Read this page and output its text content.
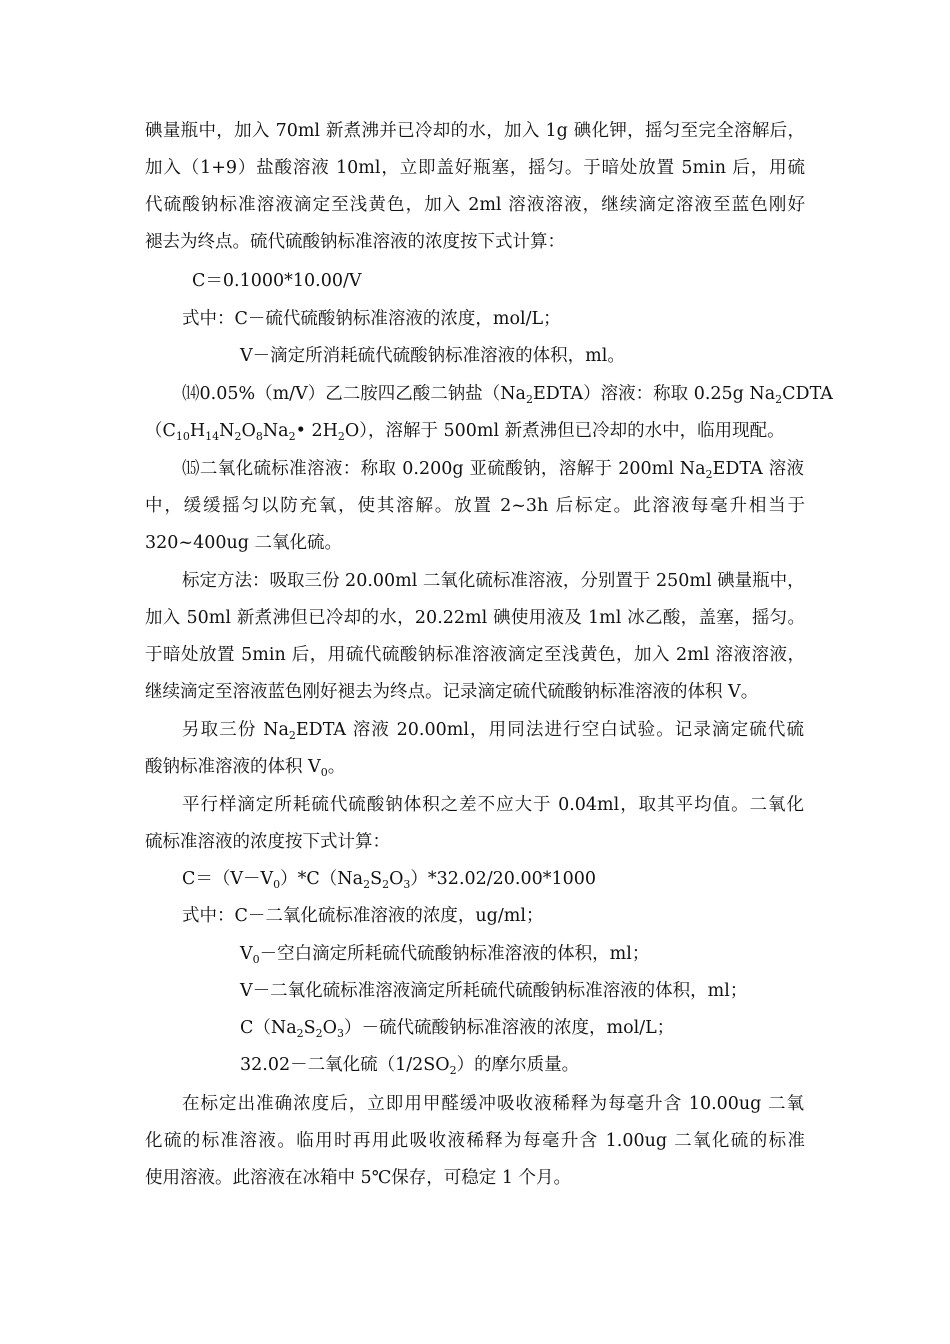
碘量瓶中，加入 70ml 新煮沸并已冷却的水，加入 1g 碘化钾，摇匀至完全溶解后，
加入（1+9）盐酸溶液 10ml，立即盖好瓶塞，摇匀。于暗处放置 5min 后，用硫
代硫酸钠标准溶液滴定至浅黄色，加入 2ml 溶液溶液，继续滴定溶液至蓝色刚好
褪去为终点。硫代硫酸钠标准溶液的浓度按下式计算：
C＝0.1000*10.00/V
式中：C－硫代硫酸钠标准溶液的浓度，mol/L；
V－滴定所消耗硫代硫酸钠标准溶液的体积，ml。
⒁0.05%（m/V）乙二胺四乙酸二钠盐$(Na_2EDTA)$溶液：称取 0.25g $Na_2CDTA$
（$C_{10}H_{14}N_2O_8Na_2•$ $2H_2O$），溶解于 500ml 新煮沸但已冷却的水中，临用现配。
⒂二氧化硫标准溶液：称取 0.200g 亚硫酸钠，溶解于 200ml $Na_2EDTA$ 溶液
中，缓缓摇匀以防充氧，使其溶解。放置 2~3h 后标定。此溶液每毫升相当于
320~400ug 二氧化硫。
标定方法：吸取三份 20.00ml 二氧化硫标准溶液，分别置于 250ml 碘量瓶中，
加入 50ml 新煮沸但已冷却的水，20.22ml 碘使用液及 1ml 冰乙酸，盖塞，摇匀。
于暗处放置 5min 后，用硫代硫酸钠标准溶液滴定至浅黄色，加入 2ml 溶液溶液，
继续滴定至溶液蓝色刚好褪去为终点。记录滴定硫代硫酸钠标准溶液的体积 V。
另取三份 $Na_2EDTA$ 溶液 20.00ml，用同法进行空白试验。记录滴定硫代硫
酸钠标准溶液的体积 $V_0$。
平行样滴定所耗硫代硫酸钠体积之差不应大于 0.04ml，取其平均值。二氧化
硫标准溶液的浓度按下式计算：
$C=(V-V_0)*C(Na_2S_2O_3)*32.02/20.00*1000$
式中：C－二氧化硫标准溶液的浓度，ug/ml；
$V_0-$空白滴定所耗硫代硫酸钠标准溶液的体积，ml；
V－二氧化硫标准溶液滴定所耗硫代硫酸钠标准溶液的体积，ml；
$C(Na_2S_2O_3)-$硫代硫酸钠标准溶液的浓度，mol/L；
32.02－二氧化硫$(1/2SO_2)$的摩尔质量。
在标定出准确浓度后，立即用甲醛缓冲吸收液稀释为每毫升含 10.00ug 二氧
化硫的标准溶液。临用时再用此吸收液稀释为每毫升含 1.00ug 二氧化硫的标准
使用溶液。此溶液在冰箱中 5℃保存，可稳定 1 个月。
